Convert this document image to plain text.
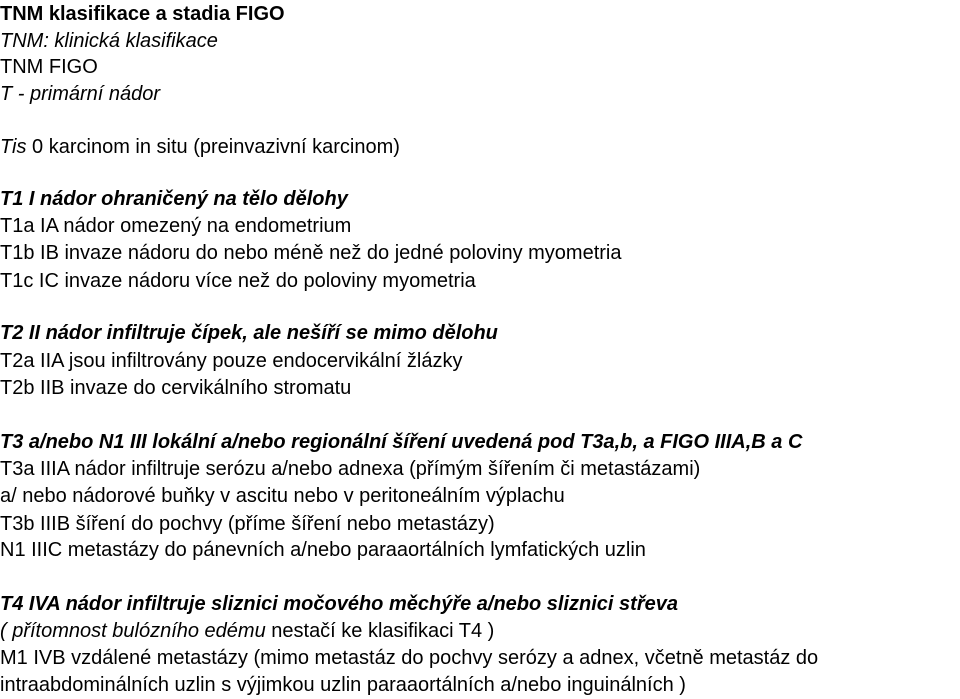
TNM klasifikace a stadia FIGO
TNM: klinická klasifikace
TNM FIGO
T - primární nádor
Tis 0 karcinom in situ (preinvazivní karcinom)
T1 I nádor ohraničený na tělo dělohy
T1a IA nádor omezený na endometrium
T1b IB invaze nádoru do nebo méně než do jedné poloviny myometria
T1c IC invaze nádoru více než do poloviny myometria
T2 II nádor infiltruje čípek, ale nešíří se mimo dělohu
T2a IIA jsou infiltrovány pouze endocervikální žlázky
T2b IIB invaze do cervikálního stromatu
T3 a/nebo N1 III lokální a/nebo regionální šíření uvedená pod T3a,b, a FIGO IIIA,B a C
T3a IIIA nádor infiltruje serózu a/nebo adnexa (přímým šířením či metastázami)
a/ nebo nádorové buňky v ascitu nebo v peritoneálním výplachu
T3b IIIB šíření do pochvy (příme šíření nebo metastázy)
N1 IIIC metastázy do pánevních a/nebo paraaortálních lymfatických uzlin
T4 IVA nádor infiltruje sliznici močového měchýře a/nebo sliznici střeva
( přítomnost bulózního edému nestačí ke klasifikaci T4 )
M1 IVB vzdálené metastázy (mimo metastáz do pochvy serózy a adnex, včetně metastáz do
intraabdominálních uzlin s výjimkou uzlin paraaortálních a/nebo inguinálních )
